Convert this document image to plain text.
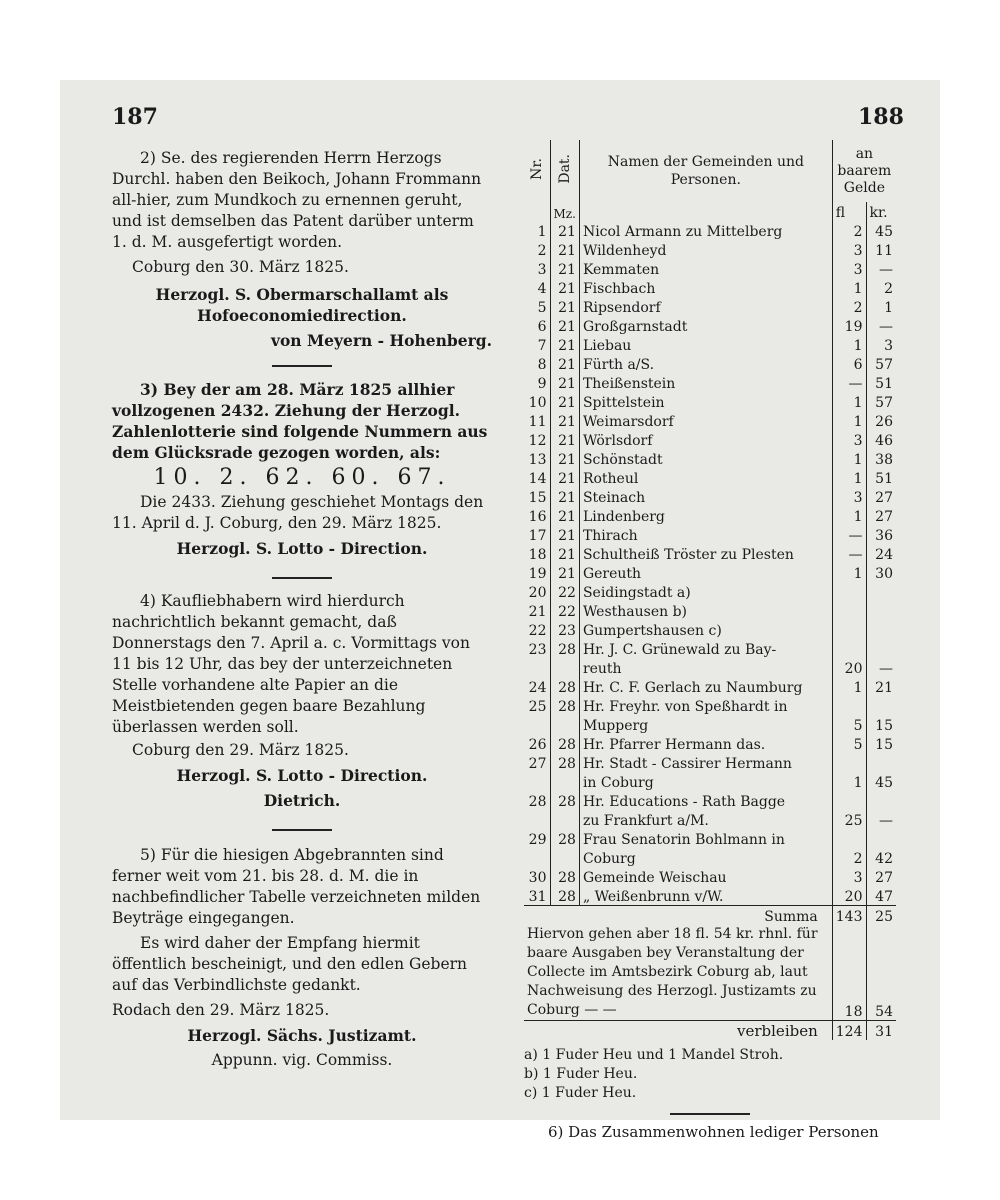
187

2) Se. des regierenden Herrn Herzogs Durchl. haben den Beikoch, Johann Frommann all-hier, zum Mundkoch zu ernennen geruht, und ist demselben das Patent darüber unterm 1. d. M. ausgefertigt worden.

Coburg den 30. März 1825.

Herzogl. S. Obermarschallamt als Hofoeconomiedirection.

von Meyern - Hohenberg.

3) Bey der am 28. März 1825 allhier vollzogenen 2432. Ziehung der Herzogl. Zahlenlotterie sind folgende Nummern aus dem Glücksrade gezogen worden, als:

10. 2. 62. 60. 67.

Die 2433. Ziehung geschiehet Montags den 11. April d. J. Coburg, den 29. März 1825.

Herzogl. S. Lotto - Direction.

4) Kaufliebhabern wird hierdurch nachrichtlich bekannt gemacht, daß Donnerstags den 7. April a. c. Vormittags von 11 bis 12 Uhr, das bey der unterzeichneten Stelle vorhandene alte Papier an die Meistbietenden gegen baare Bezahlung überlassen werden soll.

Coburg den 29. März 1825.

Herzogl. S. Lotto - Direction.

Dietrich.

5) Für die hiesigen Abgebrannten sind ferner weit vom 21. bis 28. d. M. die in nachbefindlicher Tabelle verzeichneten milden Beyträge eingegangen.

Es wird daher der Empfang hiermit öffentlich bescheinigt, und den edlen Gebern auf das Verbindlichste gedankt.

Rodach den 29. März 1825.

Herzogl. Sächs. Justizamt.

Appunn. vig. Commiss.

188
Nr.	Dat.	Namen der Gemeinden und Personen.	an baarem Gelde	
	Mz.		fl	kr.
1	21	Nicol Armann zu Mittelberg	2	45
2	21	Wildenheyd	3	11
3	21	Kemmaten	3	—
4	21	Fischbach	1	2
5	21	Ripsendorf	2	1
6	21	Großgarnstadt	19	—
7	21	Liebau	1	3
8	21	Fürth a/S.	6	57
9	21	Theißenstein	—	51
10	21	Spittelstein	1	57
11	21	Weimarsdorf	1	26
12	21	Wörlsdorf	3	46
13	21	Schönstadt	1	38
14	21	Rotheul	1	51
15	21	Steinach	3	27
16	21	Lindenberg	1	27
17	21	Thirach	—	36
18	21	Schultheiß Tröster zu Plesten	—	24
19	21	Gereuth	1	30
20	22	Seidingstadt a)		
21	22	Westhausen b)		
22	23	Gumpertshausen c)		
23	28	Hr. J. C. Grünewald zu Bay-		
		reuth	20	—
24	28	Hr. C. F. Gerlach zu Naumburg	1	21
25	28	Hr. Freyhr. von Speßhardt in		
		Mupperg	5	15
26	28	Hr. Pfarrer Hermann das.	5	15
27	28	Hr. Stadt - Cassirer Hermann		
		in Coburg	1	45
28	28	Hr. Educations - Rath Bagge		
		zu Frankfurt a/M.	25	—
29	28	Frau Senatorin Bohlmann in		
		Coburg	2	42
30	28	Gemeinde Weischau	3	27
31	28	„ Weißenbrunn v/W.	20	47
Summa			143	25
Hiervon gehen aber 18 fl. 54 kr. rhnl. für baare Ausgaben bey Veranstaltung der Collecte im Amtsbezirk Coburg ab, laut Nachweisung des Herzogl. Justizamts zu Coburg — —			18	54
verbleiben			124	31
a) 1 Fuder Heu und 1 Mandel Stroh.
b) 1 Fuder Heu.
c) 1 Fuder Heu.
6) Das Zusammenwohnen lediger Personen
